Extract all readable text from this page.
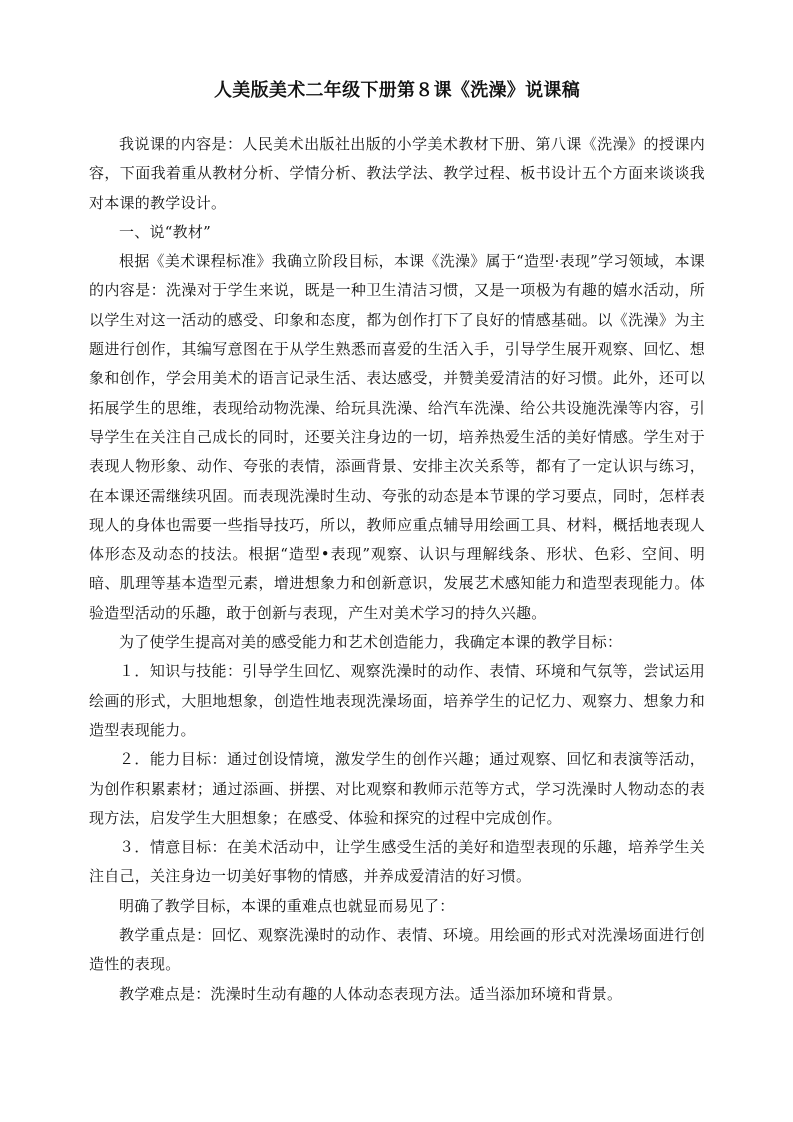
人美版美术二年级下册第８课《洗澡》说课稿

我说课的内容是：人民美术出版社出版的小学美术教材下册、第八课《洗澡》的授课内容，下面我着重从教材分析、学情分析、教法学法、教学过程、板书设计五个方面来谈谈我对本课的教学设计。

一、说“教材”

根据《美术课程标准》我确立阶段目标，本课《洗澡》属于“造型·表现”学习领域，本课的内容是：洗澡对于学生来说，既是一种卫生清洁习惯，又是一项极为有趣的嬉水活动，所以学生对这一活动的感受、印象和态度，都为创作打下了良好的情感基础。以《洗澡》为主题进行创作，其编写意图在于从学生熟悉而喜爱的生活入手，引导学生展开观察、回忆、想象和创作，学会用美术的语言记录生活、表达感受，并赞美爱清洁的好习惯。此外，还可以拓展学生的思维，表现给动物洗澡、给玩具洗澡、给汽车洗澡、给公共设施洗澡等内容，引导学生在关注自己成长的同时，还要关注身边的一切，培养热爱生活的美好情感。学生对于表现人物形象、动作、夸张的表情，添画背景、安排主次关系等，都有了一定认识与练习，在本课还需继续巩固。而表现洗澡时生动、夸张的动态是本节课的学习要点，同时，怎样表现人的身体也需要一些指导技巧，所以，教师应重点辅导用绘画工具、材料，概括地表现人体形态及动态的技法。根据“造型•表现”观察、认识与理解线条、形状、色彩、空间、明暗、肌理等基本造型元素，增进想象力和创新意识，发展艺术感知能力和造型表现能力。体验造型活动的乐趣，敢于创新与表现，产生对美术学习的持久兴趣。

为了使学生提高对美的感受能力和艺术创造能力，我确定本课的教学目标：

１．知识与技能：引导学生回忆、观察洗澡时的动作、表情、环境和气氛等，尝试运用绘画的形式，大胆地想象，创造性地表现洗澡场面，培养学生的记忆力、观察力、想象力和造型表现能力。

２．能力目标：通过创设情境，激发学生的创作兴趣；通过观察、回忆和表演等活动，为创作积累素材；通过添画、拼摆、对比观察和教师示范等方式，学习洗澡时人物动态的表现方法，启发学生大胆想象；在感受、体验和探究的过程中完成创作。

３．情意目标：在美术活动中，让学生感受生活的美好和造型表现的乐趣，培养学生关注自己，关注身边一切美好事物的情感，并养成爱清洁的好习惯。

明确了教学目标，本课的重难点也就显而易见了：

教学重点是：回忆、观察洗澡时的动作、表情、环境。用绘画的形式对洗澡场面进行创造性的表现。

教学难点是：洗澡时生动有趣的人体动态表现方法。适当添加环境和背景。
